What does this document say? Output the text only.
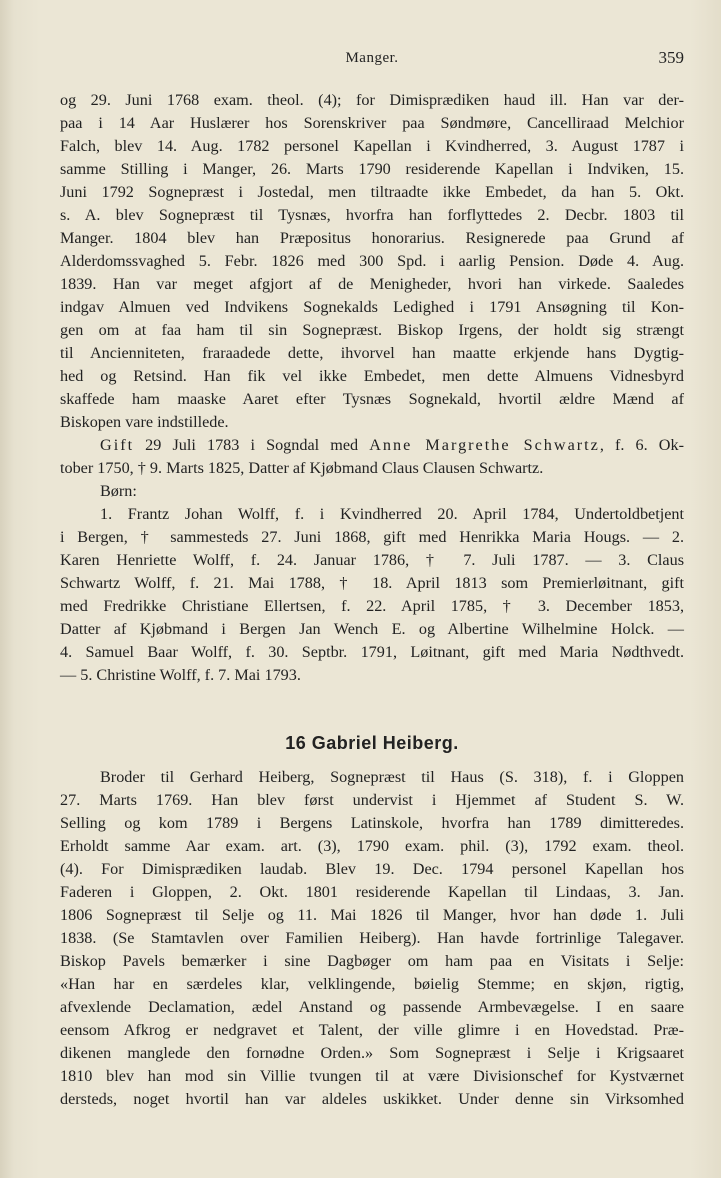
Manger.	359
og 29. Juni 1768 exam. theol. (4); for Dimisprædiken haud ill. Han var der-
paa i 14 Aar Huslærer hos Sorenskriver paa Søndmøre, Cancelliraad Melchior
Falch, blev 14. Aug. 1782 personel Kapellan i Kvindherred, 3. August 1787 i
samme Stilling i Manger, 26. Marts 1790 residerende Kapellan i Indviken, 15.
Juni 1792 Sognepræst i Jostedal, men tiltraadte ikke Embedet, da han 5. Okt.
s. A. blev Sognepræst til Tysnæs, hvorfra han forflyttedes 2. Decbr. 1803 til
Manger. 1804 blev han Præpositus honorarius. Resignerede paa Grund af
Alderdomssvaghed 5. Febr. 1826 med 300 Spd. i aarlig Pension. Døde 4. Aug.
1839. Han var meget afgjort af de Menigheder, hvori han virkede. Saaledes
indgav Almuen ved Indvikens Sognekalds Ledighed i 1791 Ansøgning til Kon-
gen om at faa ham til sin Sognepræst. Biskop Irgens, der holdt sig strængt
til Ancienniteten, fraraadede dette, ihvorvel han maatte erkjende hans Dygtig-
hed og Retsind. Han fik vel ikke Embedet, men dette Almuens Vidnesbyrd
skaffede ham maaske Aaret efter Tysnæs Sognekald, hvortil ældre Mænd af
Biskopen vare indstillede.
Gift 29 Juli 1783 i Sogndal med Anne Margrethe Schwartz, f. 6. Ok-
tober 1750, † 9. Marts 1825, Datter af Kjøbmand Claus Clausen Schwartz.
Børn:
1. Frantz Johan Wolff, f. i Kvindherred 20. April 1784, Undertoldbetjent
i Bergen, † sammesteds 27. Juni 1868, gift med Henrikka Maria Hougs. — 2.
Karen Henriette Wolff, f. 24. Januar 1786, † 7. Juli 1787. — 3. Claus
Schwartz Wolff, f. 21. Mai 1788, † 18. April 1813 som Premierløitnant, gift
med Fredrikke Christiane Ellertsen, f. 22. April 1785, † 3. December 1853,
Datter af Kjøbmand i Bergen Jan Wench E. og Albertine Wilhelmine Holck. —
4. Samuel Baar Wolff, f. 30. Septbr. 1791, Løitnant, gift med Maria Nødthvedt.
— 5. Christine Wolff, f. 7. Mai 1793.
16 Gabriel Heiberg.
Broder til Gerhard Heiberg, Sognepræst til Haus (S. 318), f. i Gloppen
27. Marts 1769. Han blev først undervist i Hjemmet af Student S. W.
Selling og kom 1789 i Bergens Latinskole, hvorfra han 1789 dimitteredes.
Erholdt samme Aar exam. art. (3), 1790 exam. phil. (3), 1792 exam. theol.
(4). For Dimisprædiken laudab. Blev 19. Dec. 1794 personel Kapellan hos
Faderen i Gloppen, 2. Okt. 1801 residerende Kapellan til Lindaas, 3. Jan.
1806 Sognepræst til Selje og 11. Mai 1826 til Manger, hvor han døde 1. Juli
1838. (Se Stamtavlen over Familien Heiberg). Han havde fortrinlige Talegaver.
Biskop Pavels bemærker i sine Dagbøger om ham paa en Visitats i Selje:
«Han har en særdeles klar, velklingende, bøielig Stemme; en skjøn, rigtig,
afvexlende Declamation, ædel Anstand og passende Armbevægelse. I en saare
eensom Afkrog er nedgravet et Talent, der ville glimre i en Hovedstad. Præ-
dikenen manglede den fornødne Orden.» Som Sognepræst i Selje i Krigsaaret
1810 blev han mod sin Villie tvungen til at være Divisionschef for Kystværnet
dersteds, noget hvortil han var aldeles uskikket. Under denne sin Virksomhed
